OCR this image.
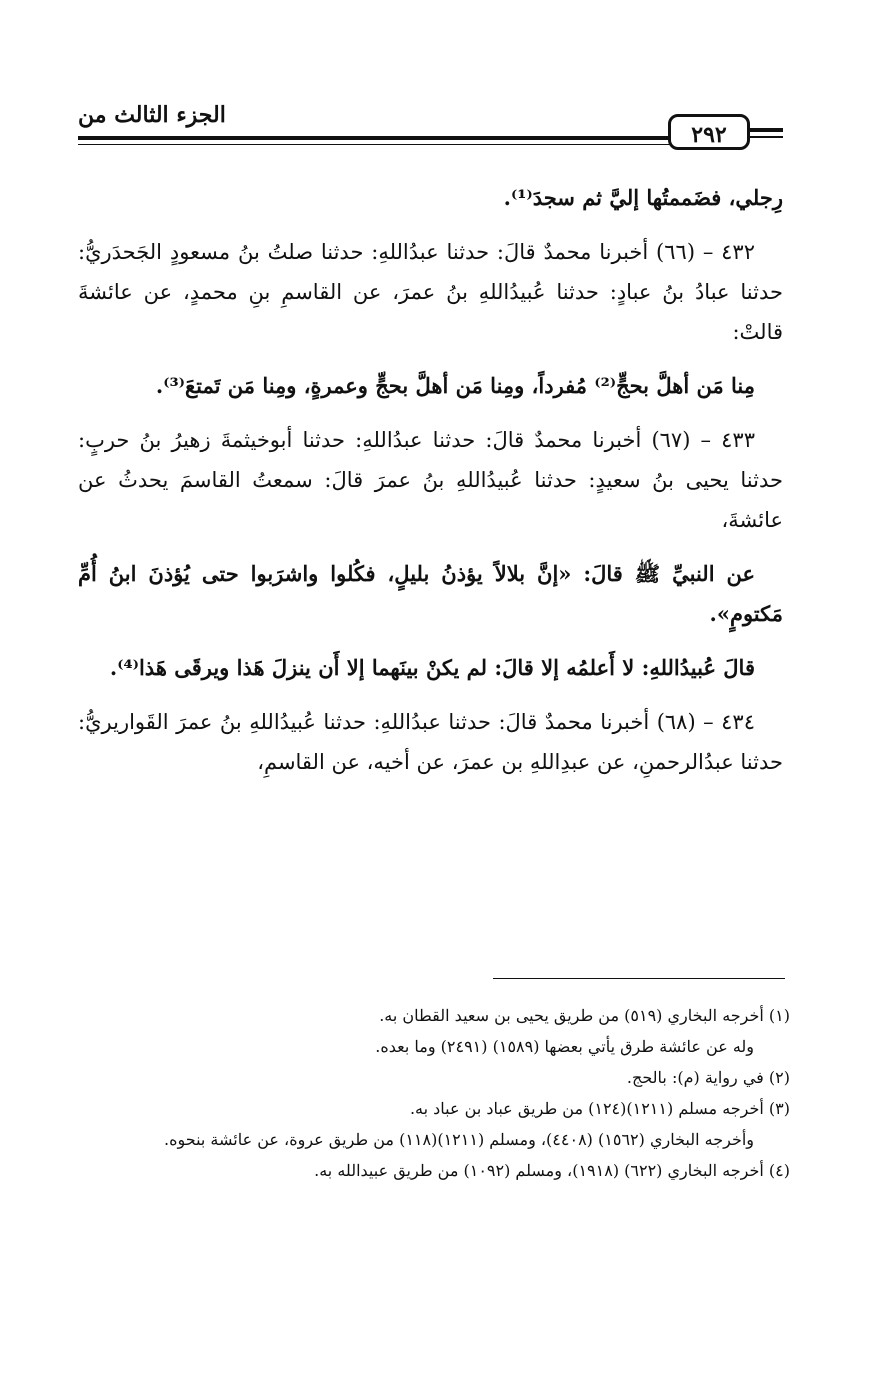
الجزء الثالث من
٢٩٢

رِجلي، فضَممتُها إليَّ ثم سجدَ⁽¹⁾.

٤٣٢ – (٦٦) أخبرنا محمدٌ قالَ: حدثنا عبدُاللهِ: حدثنا صلتُ بنُ مسعودٍ الجَحدَريُّ: حدثنا عبادُ بنُ عبادٍ: حدثنا عُبيدُاللهِ بنُ عمرَ، عن القاسمِ بنِ محمدٍ، عن عائشةَ قالتْ:

مِنا مَن أهلَّ بحجٍّ⁽²⁾ مُفرداً، ومِنا مَن أهلَّ بحجٍّ وعمرةٍ، ومِنا مَن تَمتعَ⁽³⁾.

٤٣٣ – (٦٧) أخبرنا محمدٌ قالَ: حدثنا عبدُاللهِ: حدثنا أبوخيثمةَ زهيرُ بنُ حربٍ: حدثنا يحيى بنُ سعيدٍ: حدثنا عُبيدُاللهِ بنُ عمرَ قالَ: سمعتُ القاسمَ يحدثُ عن عائشةَ،

عن النبيِّ ﷺ قالَ: «إنَّ بلالاً يؤذنُ بليلٍ، فكُلوا واشرَبوا حتى يُؤذنَ ابنُ أُمِّ مَكتومٍ».

قالَ عُبيدُاللهِ: لا أَعلمُه إلا قالَ: لم يكنْ بينَهما إلا أَن ينزلَ هَذا ويرقَى هَذا⁽⁴⁾.

٤٣٤ – (٦٨) أخبرنا محمدٌ قالَ: حدثنا عبدُاللهِ: حدثنا عُبيدُاللهِ بنُ عمرَ القَواريريُّ: حدثنا عبدُالرحمنِ، عن عبدِاللهِ بن عمرَ، عن أخيه، عن القاسمِ،

(١) أخرجه البخاري (٥١٩) من طريق يحيى بن سعيد القطان به.

وله عن عائشة طرق يأتي بعضها (١٥٨٩) (٢٤٩١) وما بعده.

(٢) في رواية (م): بالحج.

(٣) أخرجه مسلم (١٢١١)(١٢٤) من طريق عباد بن عباد به.

وأخرجه البخاري (١٥٦٢) (٤٤٠٨)، ومسلم (١٢١١)(١١٨) من طريق عروة، عن عائشة بنحوه.

(٤) أخرجه البخاري (٦٢٢) (١٩١٨)، ومسلم (١٠٩٢) من طريق عبيدالله به.
